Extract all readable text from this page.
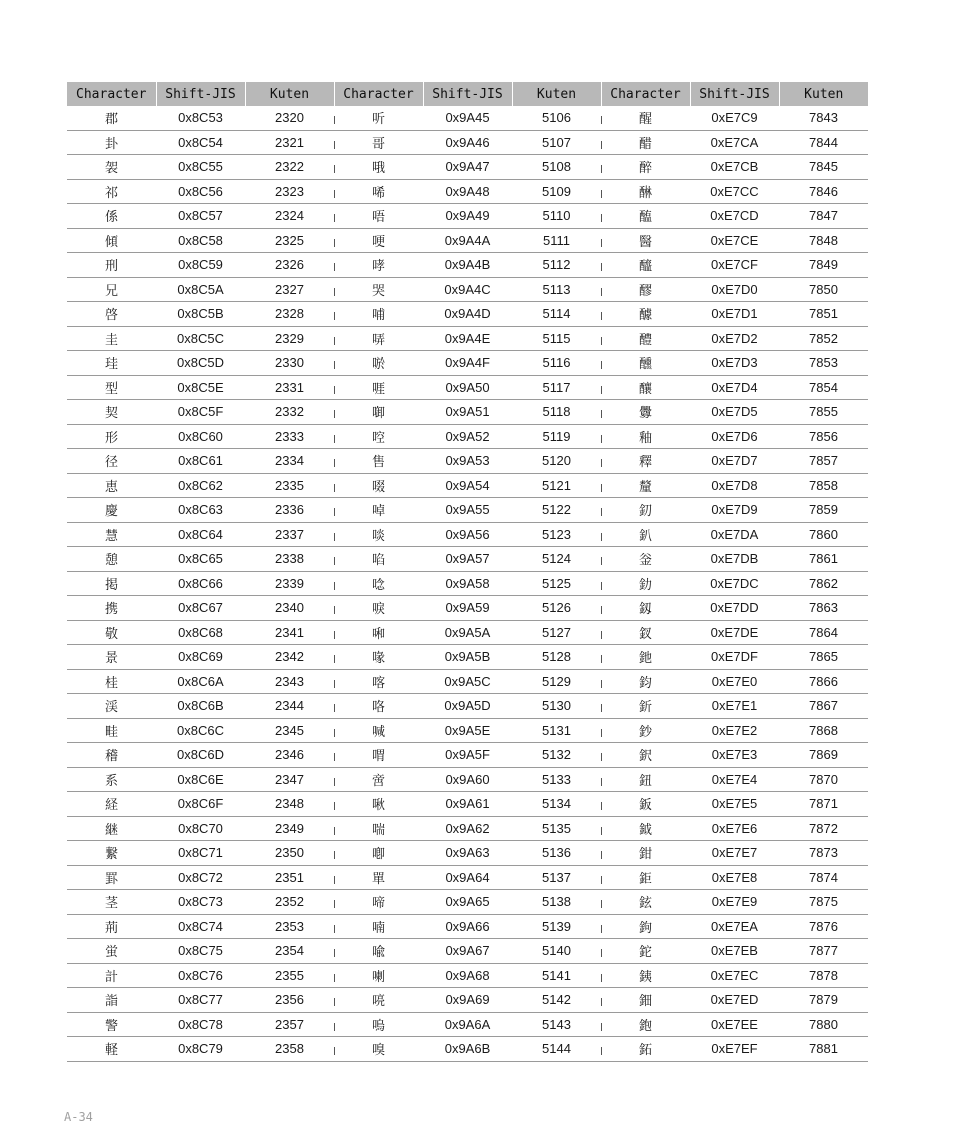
Character	Shift-JIS	Kuten	Character	Shift-JIS	Kuten	Character	Shift-JIS	Kuten
郡	0x8C53	2320	听	0x9A45	5106	醒	0xE7C9	7843
卦	0x8C54	2321	哥	0x9A46	5107	醋	0xE7CA	7844
袈	0x8C55	2322	哦	0x9A47	5108	醉	0xE7CB	7845
祁	0x8C56	2323	唏	0x9A48	5109	醂	0xE7CC	7846
係	0x8C57	2324	唔	0x9A49	5110	醢	0xE7CD	7847
傾	0x8C58	2325	哽	0x9A4A	5111	醫	0xE7CE	7848
刑	0x8C59	2326	哮	0x9A4B	5112	醯	0xE7CF	7849
兄	0x8C5A	2327	哭	0x9A4C	5113	醪	0xE7D0	7850
啓	0x8C5B	2328	哺	0x9A4D	5114	醵	0xE7D1	7851
圭	0x8C5C	2329	哢	0x9A4E	5115	醴	0xE7D2	7852
珪	0x8C5D	2330	唹	0x9A4F	5116	醺	0xE7D3	7853
型	0x8C5E	2331	啀	0x9A50	5117	釀	0xE7D4	7854
契	0x8C5F	2332	啣	0x9A51	5118	釁	0xE7D5	7855
形	0x8C60	2333	啌	0x9A52	5119	釉	0xE7D6	7856
径	0x8C61	2334	售	0x9A53	5120	釋	0xE7D7	7857
恵	0x8C62	2335	啜	0x9A54	5121	釐	0xE7D8	7858
慶	0x8C63	2336	啅	0x9A55	5122	釖	0xE7D9	7859
慧	0x8C64	2337	啖	0x9A56	5123	釟	0xE7DA	7860
憩	0x8C65	2338	啗	0x9A57	5124	釡	0xE7DB	7861
掲	0x8C66	2339	唸	0x9A58	5125	釛	0xE7DC	7862
携	0x8C67	2340	唳	0x9A59	5126	釼	0xE7DD	7863
敬	0x8C68	2341	啝	0x9A5A	5127	釵	0xE7DE	7864
景	0x8C69	2342	喙	0x9A5B	5128	釶	0xE7DF	7865
桂	0x8C6A	2343	喀	0x9A5C	5129	鈞	0xE7E0	7866
渓	0x8C6B	2344	咯	0x9A5D	5130	釿	0xE7E1	7867
畦	0x8C6C	2345	喊	0x9A5E	5131	鈔	0xE7E2	7868
稽	0x8C6D	2346	喟	0x9A5F	5132	鈬	0xE7E3	7869
系	0x8C6E	2347	啻	0x9A60	5133	鈕	0xE7E4	7870
経	0x8C6F	2348	啾	0x9A61	5134	鈑	0xE7E5	7871
継	0x8C70	2349	喘	0x9A62	5135	鉞	0xE7E6	7872
繋	0x8C71	2350	喞	0x9A63	5136	鉗	0xE7E7	7873
罫	0x8C72	2351	單	0x9A64	5137	鉅	0xE7E8	7874
茎	0x8C73	2352	啼	0x9A65	5138	鉉	0xE7E9	7875
荊	0x8C74	2353	喃	0x9A66	5139	鉤	0xE7EA	7876
蛍	0x8C75	2354	喩	0x9A67	5140	鉈	0xE7EB	7877
計	0x8C76	2355	喇	0x9A68	5141	銕	0xE7EC	7878
詣	0x8C77	2356	喨	0x9A69	5142	鈿	0xE7ED	7879
警	0x8C78	2357	嗚	0x9A6A	5143	鉋	0xE7EE	7880
軽	0x8C79	2358	嗅	0x9A6B	5144	鉐	0xE7EF	7881
A-34
